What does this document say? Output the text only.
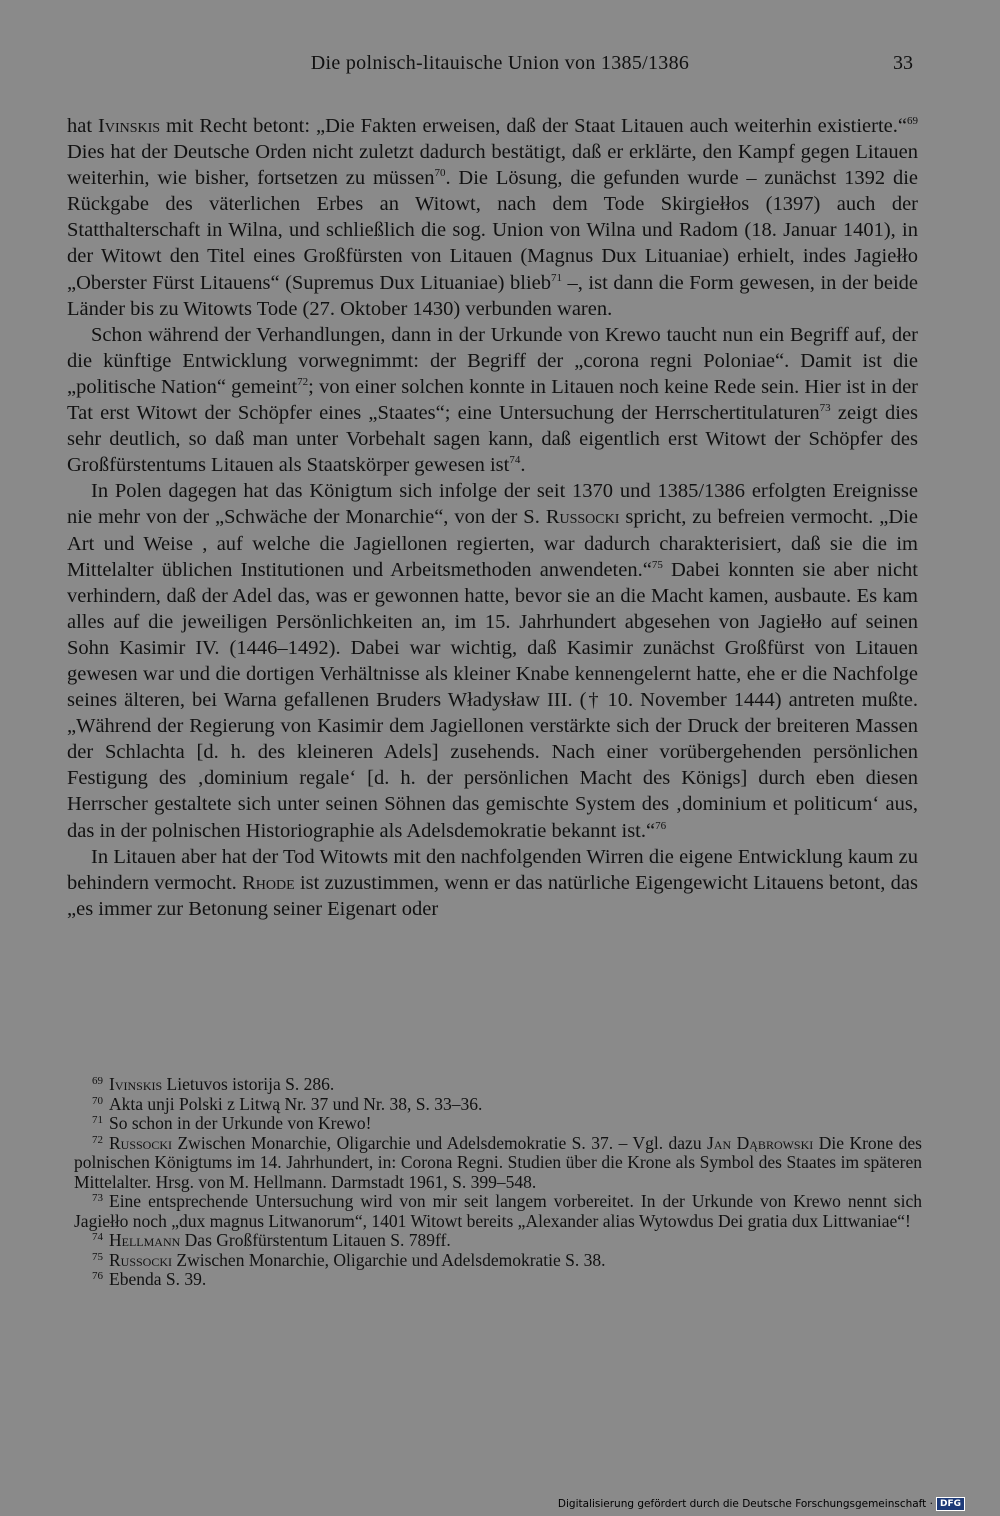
Die polnisch-litauische Union von 1385/1386	33

hat Ivinskis mit Recht betont: „Die Fakten erweisen, daß der Staat Litauen auch weiterhin existierte.“$^{69}$ Dies hat der Deutsche Orden nicht zuletzt dadurch bestätigt, daß er erklärte, den Kampf gegen Litauen weiterhin, wie bisher, fortsetzen zu müssen$^{70}$. Die Lösung, die gefunden wurde – zunächst 1392 die Rückgabe des väterlichen Erbes an Witowt, nach dem Tode Skirgiełłos (1397) auch der Statthalterschaft in Wilna, und schließlich die sog. Union von Wilna und Radom (18. Januar 1401), in der Witowt den Titel eines Großfürsten von Litauen (Magnus Dux Lituaniae) erhielt, indes Jagiełło „Oberster Fürst Litauens“ (Supremus Dux Lituaniae) blieb$^{71}$ –, ist dann die Form gewesen, in der beide Länder bis zu Witowts Tode (27. Oktober 1430) verbunden waren.

Schon während der Verhandlungen, dann in der Urkunde von Krewo taucht nun ein Begriff auf, der die künftige Entwicklung vorwegnimmt: der Begriff der „corona regni Poloniae“. Damit ist die „politische Nation“ gemeint$^{72}$; von einer solchen konnte in Litauen noch keine Rede sein. Hier ist in der Tat erst Witowt der Schöpfer eines „Staates“; eine Untersuchung der Herrschertitulaturen$^{73}$ zeigt dies sehr deutlich, so daß man unter Vorbehalt sagen kann, daß eigentlich erst Witowt der Schöpfer des Großfürstentums Litauen als Staatskörper gewesen ist$^{74}$.

In Polen dagegen hat das Königtum sich infolge der seit 1370 und 1385/1386 erfolgten Ereignisse nie mehr von der „Schwäche der Monarchie“, von der S. Russocki spricht, zu befreien vermocht. „Die Art und Weise , auf welche die Jagiellonen regierten, war dadurch charakterisiert, daß sie die im Mittelalter üblichen Institutionen und Arbeitsmethoden anwendeten.“$^{75}$ Dabei konnten sie aber nicht verhindern, daß der Adel das, was er gewonnen hatte, bevor sie an die Macht kamen, ausbaute. Es kam alles auf die jeweiligen Persönlichkeiten an, im 15. Jahrhundert abgesehen von Jagiełło auf seinen Sohn Kasimir IV. (1446–1492). Dabei war wichtig, daß Kasimir zunächst Großfürst von Litauen gewesen war und die dortigen Verhältnisse als kleiner Knabe kennengelernt hatte, ehe er die Nachfolge seines älteren, bei Warna gefallenen Bruders Władysław III. († 10. November 1444) antreten mußte. „Während der Regierung von Kasimir dem Jagiellonen verstärkte sich der Druck der breiteren Massen der Schlachta [d. h. des kleineren Adels] zusehends. Nach einer vorübergehenden persönlichen Festigung des ‚dominium regale‘ [d. h. der persönlichen Macht des Königs] durch eben diesen Herrscher gestaltete sich unter seinen Söhnen das gemischte System des ‚dominium et politicum‘ aus, das in der polnischen Historiographie als Adelsdemokratie bekannt ist.“$^{76}$

In Litauen aber hat der Tod Witowts mit den nachfolgenden Wirren die eigene Entwicklung kaum zu behindern vermocht. Rhode ist zuzustimmen, wenn er das natürliche Eigengewicht Litauens betont, das „es immer zur Betonung seiner Eigenart oder

$^{69}$ Ivinskis Lietuvos istorija S. 286.

$^{70}$ Akta unji Polski z Litwą Nr. 37 und Nr. 38, S. 33–36.

$^{71}$ So schon in der Urkunde von Krewo!

$^{72}$ Russocki Zwischen Monarchie, Oligarchie und Adelsdemokratie S. 37. – Vgl. dazu Jan Dąbrowski Die Krone des polnischen Königtums im 14. Jahrhundert, in: Corona Regni. Studien über die Krone als Symbol des Staates im späteren Mittelalter. Hrsg. von M. Hellmann. Darmstadt 1961, S. 399–548.

$^{73}$ Eine entsprechende Untersuchung wird von mir seit langem vorbereitet. In der Urkunde von Krewo nennt sich Jagiełło noch „dux magnus Litwanorum“, 1401 Witowt bereits „Alexander alias Wytowdus Dei gratia dux Littwaniae“!

$^{74}$ Hellmann Das Großfürstentum Litauen S. 789ff.

$^{75}$ Russocki Zwischen Monarchie, Oligarchie und Adelsdemokratie S. 38.

$^{76}$ Ebenda S. 39.

Digitalisierung gefördert durch die Deutsche Forschungsgemeinschaft · DFG
